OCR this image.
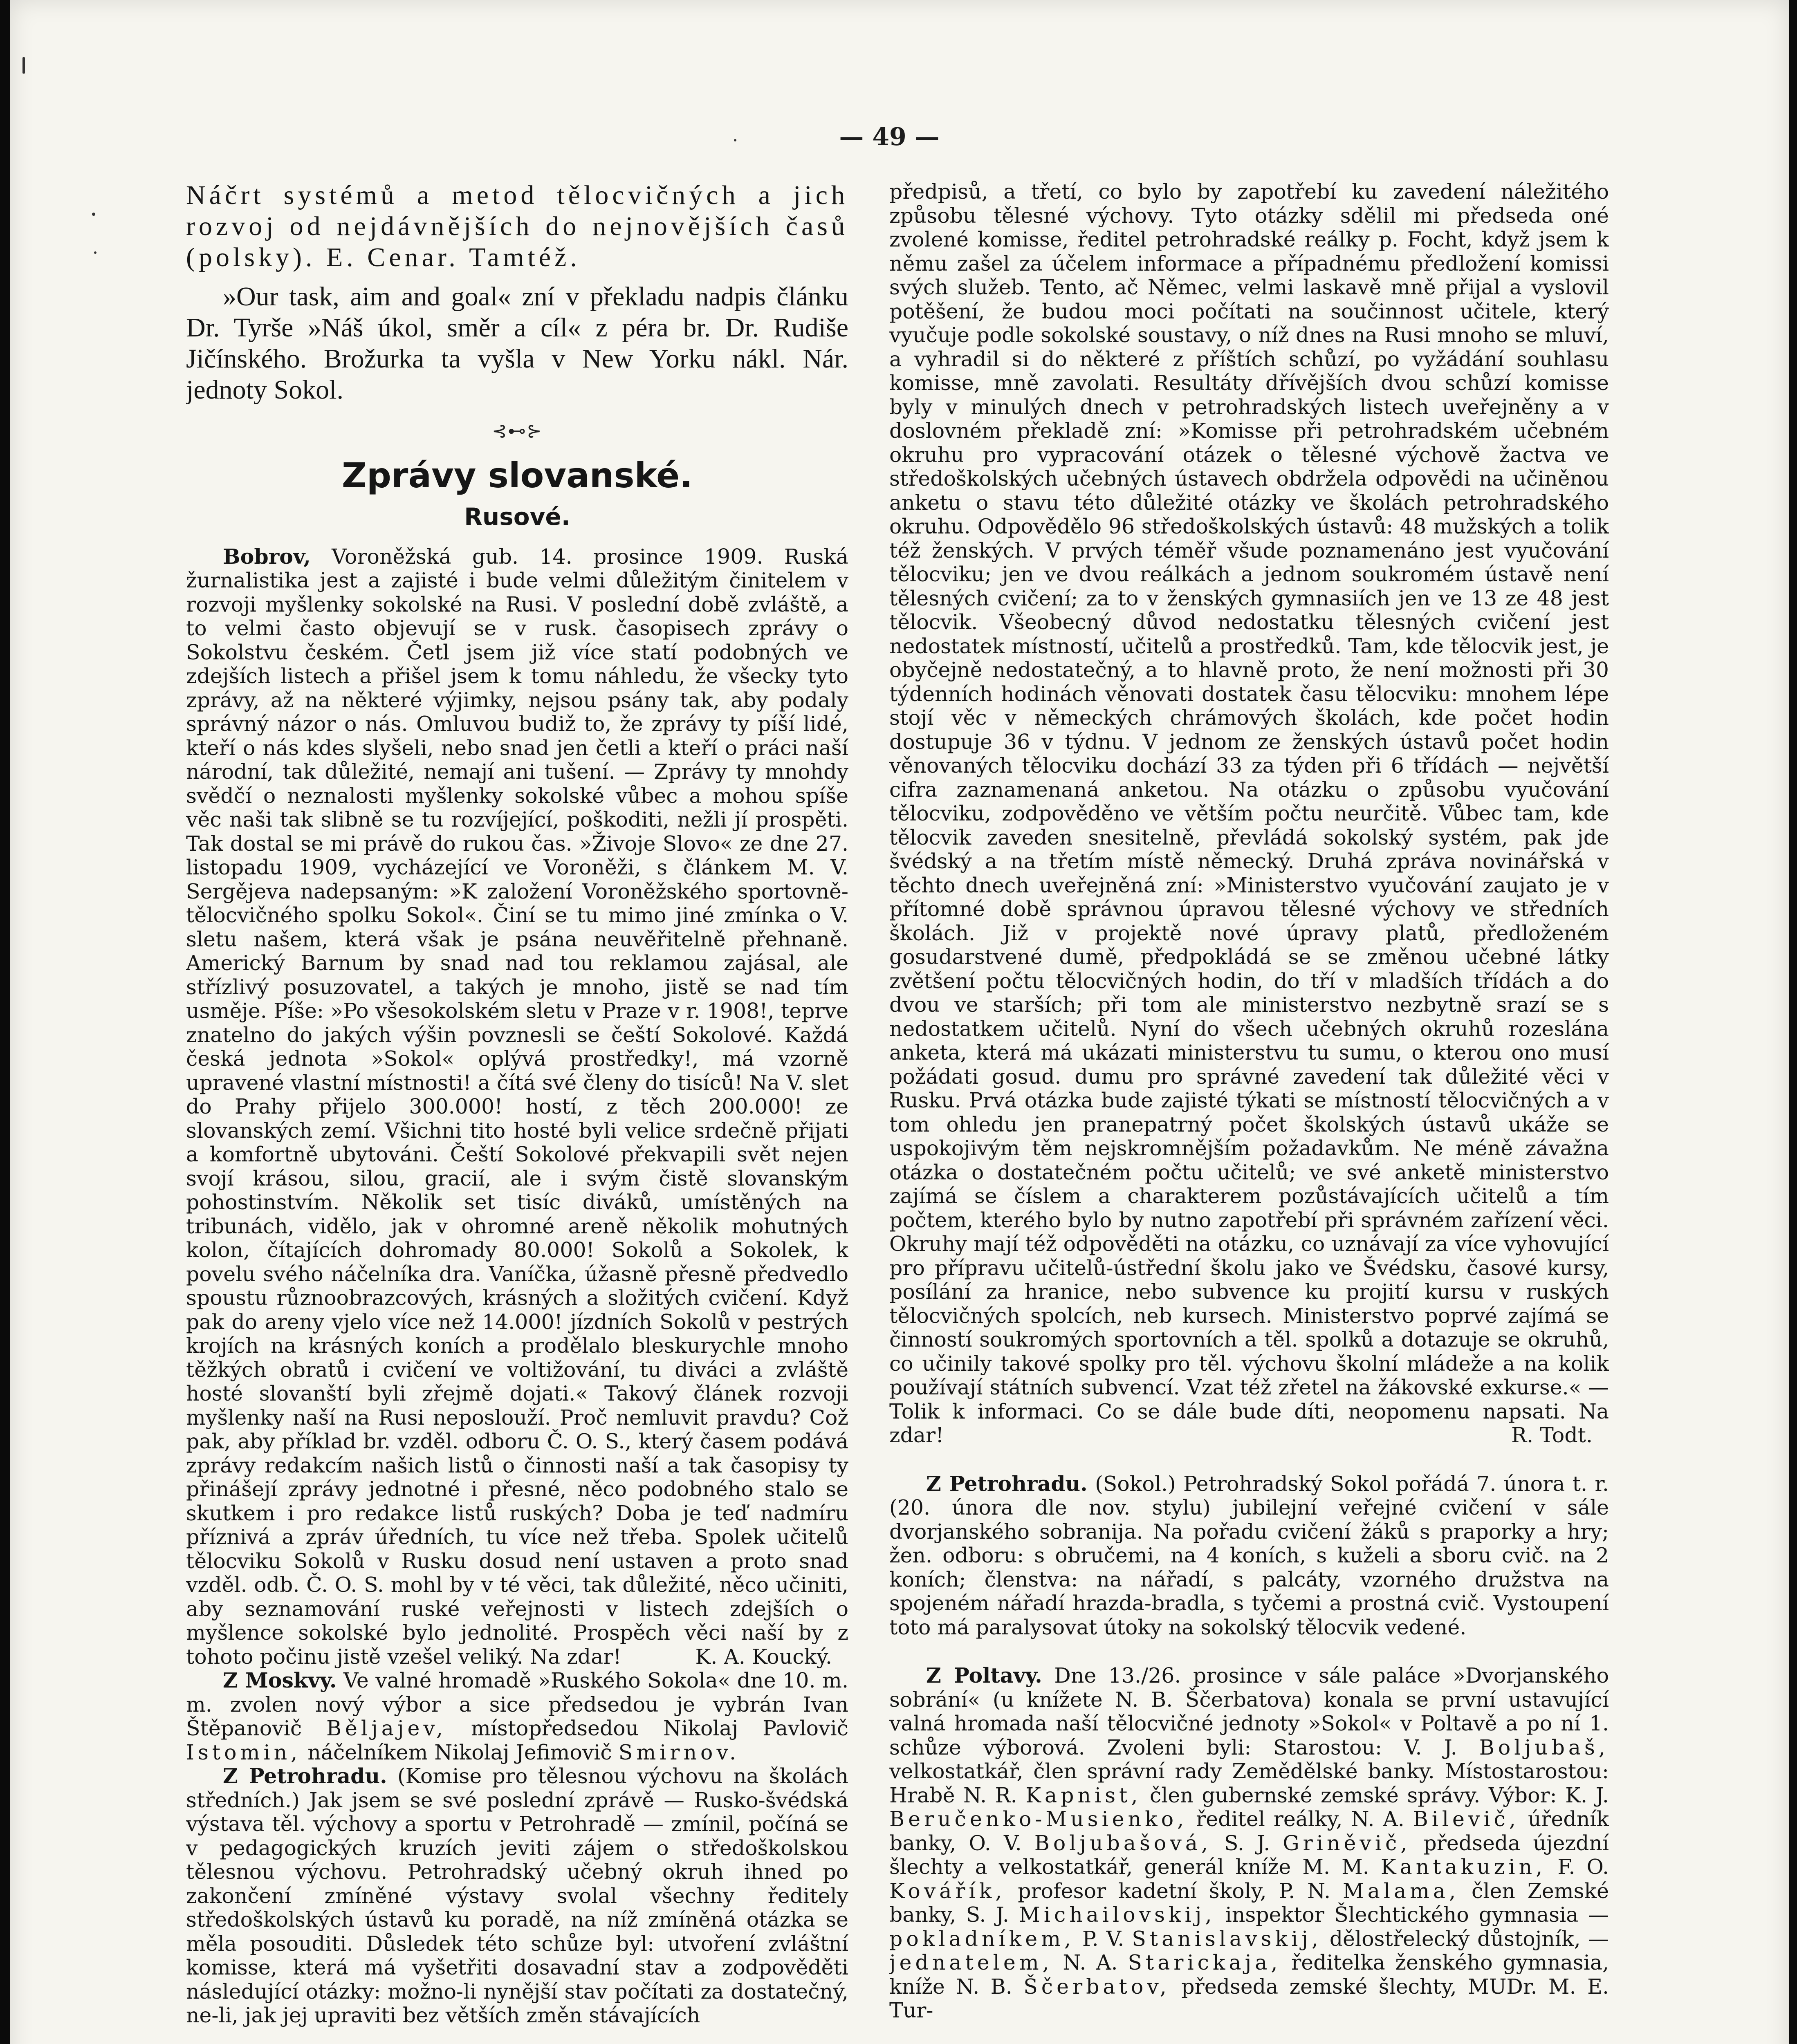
— 49 —

Náčrt systémů a metod tělocvičných a jich rozvoj od nejdávnějších do nejnovějších časů (polsky). E. Cenar. Tamtéž.

»Our task, aim and goal« zní v překladu nadpis článku Dr. Tyrše »Náš úkol, směr a cíl« z péra br. Dr. Rudiše Jičínského. Brožurka ta vyšla v New Yorku nákl. Nár. jednoty Sokol.

⊰⊷⊱
Zprávy slovanské.
Rusové.

Bobrov, Voroněžská gub. 14. prosince 1909. Ruská žurnalistika jest a zajisté i bude velmi důležitým činitelem v rozvoji myšlenky sokolské na Rusi. V poslední době zvláště, a to velmi často objevují se v rusk. časopisech zprávy o Sokolstvu českém. Četl jsem již více statí podobných ve zdejších listech a přišel jsem k tomu náhledu, že všecky tyto zprávy, až na některé výjimky, nejsou psány tak, aby podaly správný názor o nás. Omluvou budiž to, že zprávy ty píší lidé, kteří o nás kdes slyšeli, nebo snad jen četli a kteří o práci naší národní, tak důležité, nemají ani tušení. — Zprávy ty mnohdy svědčí o neznalosti myšlenky sokolské vůbec a mohou spíše věc naši tak slibně se tu rozvíjející, poškoditi, nežli jí prospěti. Tak dostal se mi právě do rukou čas. »Živoje Slovo« ze dne 27. listopadu 1909, vycházející ve Voroněži, s článkem M. V. Sergějeva nadepsaným: »K založení Voroněžského sportovně-tělocvičného spolku Sokol«. Činí se tu mimo jiné zmínka o V. sletu našem, která však je psána neuvěřitelně přehnaně. Americký Barnum by snad nad tou reklamou zajásal, ale střízlivý posuzovatel, a takých je mnoho, jistě se nad tím usměje. Píše: »Po všesokolském sletu v Praze v r. 1908!, teprve znatelno do jakých výšin povznesli se čeští Sokolové. Každá česká jednota »Sokol« oplývá prostředky!, má vzorně upravené vlastní místnosti! a čítá své členy do tisíců! Na V. slet do Prahy přijelo 300.000! hostí, z těch 200.000! ze slovanských zemí. Všichni tito hosté byli velice srdečně přijati a komfortně ubytováni. Čeští Sokolové překvapili svět nejen svojí krásou, silou, gracií, ale i svým čistě slovanským pohostinstvím. Několik set tisíc diváků, umístěných na tribunách, vidělo, jak v ohromné areně několik mohutných kolon, čítajících dohromady 80.000! Sokolů a Sokolek, k povelu svého náčelníka dra. Vaníčka, úžasně přesně předvedlo spoustu různoobrazcových, krásných a složitých cvičení. Když pak do areny vjelo více než 14.000! jízdních Sokolů v pestrých krojích na krásných koních a prodělalo bleskurychle mnoho těžkých obratů i cvičení ve voltižování, tu diváci a zvláště hosté slovanští byli zřejmě dojati.« Takový článek rozvoji myšlenky naší na Rusi neposlouží. Proč nemluvit pravdu? Což pak, aby příklad br. vzděl. odboru Č. O. S., který časem podává zprávy redakcím našich listů o činnosti naší a tak časopisy ty přinášejí zprávy jednotné i přesné, něco podobného stalo se skutkem i pro redakce listů ruských? Doba je teď nadmíru příznivá a zpráv úředních, tu více než třeba. Spolek učitelů tělocviku Sokolů v Rusku dosud není ustaven a proto snad vzděl. odb. Č. O. S. mohl by v té věci, tak důležité, něco učiniti, aby seznamování ruské veřejnosti v listech zdejších o myšlence sokolské bylo jednolité. Prospěch věci naší by z tohoto počinu jistě vzešel veliký. Na zdar!	K. A. Koucký.

Z Moskvy. Ve valné hromadě »Ruského Sokola« dne 10. m. m. zvolen nový výbor a sice předsedou je vybrán Ivan Štěpanovič Běljajev, místopředsedou Nikolaj Pavlovič Istomin, náčelníkem Nikolaj Jefimovič Smirnov.

Z Petrohradu. (Komise pro tělesnou výchovu na školách středních.) Jak jsem se své poslední zprávě — Rusko-švédská výstava těl. výchovy a sportu v Petrohradě — zmínil, počíná se v pedagogických kruzích jeviti zájem o středoškolskou tělesnou výchovu. Petrohradský učebný okruh ihned po zakončení zmíněné výstavy svolal všechny ředitely středoškolských ústavů ku poradě, na níž zmíněná otázka se měla posouditi. Důsledek této schůze byl: utvoření zvláštní komisse, která má vyšetřiti dosavadní stav a zodpověděti následující otázky: možno-li nynější stav počítati za dostatečný, ne-li, jak jej upraviti bez větších změn stávajících

předpisů, a třetí, co bylo by zapotřebí ku zavedení náležitého způsobu tělesné výchovy. Tyto otázky sdělil mi předseda oné zvolené komisse, ředitel petrohradské reálky p. Focht, když jsem k němu zašel za účelem informace a případnému předložení komissi svých služeb. Tento, ač Němec, velmi laskavě mně přijal a vyslovil potěšení, že budou moci počítati na součinnost učitele, který vyučuje podle sokolské soustavy, o níž dnes na Rusi mnoho se mluví, a vyhradil si do některé z příštích schůzí, po vyžádání souhlasu komisse, mně zavolati. Resultáty dřívějších dvou schůzí komisse byly v minulých dnech v petrohradských listech uveřejněny a v doslovném překladě zní: »Komisse při petrohradském učebném okruhu pro vypracování otázek o tělesné výchově žactva ve středoškolských učebných ústavech obdržela odpovědi na učiněnou anketu o stavu této důležité otázky ve školách petrohradského okruhu. Odpovědělo 96 středoškolských ústavů: 48 mužských a tolik též ženských. V prvých téměř všude poznamenáno jest vyučování tělocviku; jen ve dvou reálkách a jednom soukromém ústavě není tělesných cvičení; za to v ženských gymnasiích jen ve 13 ze 48 jest tělocvik. Všeobecný důvod nedostatku tělesných cvičení jest nedostatek místností, učitelů a prostředků. Tam, kde tělocvik jest, je obyčejně nedostatečný, a to hlavně proto, že není možnosti při 30 týdenních hodinách věnovati dostatek času tělocviku: mnohem lépe stojí věc v německých chrámových školách, kde počet hodin dostupuje 36 v týdnu. V jednom ze ženských ústavů počet hodin věnovaných tělocviku dochází 33 za týden při 6 třídách — největší cifra zaznamenaná anketou. Na otázku o způsobu vyučování tělocviku, zodpověděno ve větším počtu neurčitě. Vůbec tam, kde tělocvik zaveden snesitelně, převládá sokolský systém, pak jde švédský a na třetím místě německý. Druhá zpráva novinářská v těchto dnech uveřejněná zní: »Ministerstvo vyučování zaujato je v přítomné době správnou úpravou tělesné výchovy ve středních školách. Již v projektě nové úpravy platů, předloženém gosudarstvené dumě, předpokládá se se změnou učebné látky zvětšení počtu tělocvičných hodin, do tří v mladších třídách a do dvou ve starších; při tom ale ministerstvo nezbytně srazí se s nedostatkem učitelů. Nyní do všech učebných okruhů rozeslána anketa, která má ukázati ministerstvu tu sumu, o kterou ono musí požádati gosud. dumu pro správné zavedení tak důležité věci v Rusku. Prvá otázka bude zajisté týkati se místností tělocvičných a v tom ohledu jen pranepatrný počet školských ústavů ukáže se uspokojivým těm nejskromnějším požadavkům. Ne méně závažna otázka o dostatečném počtu učitelů; ve své anketě ministerstvo zajímá se číslem a charakterem pozůstávajících učitelů a tím počtem, kterého bylo by nutno zapotřebí při správném zařízení věci. Okruhy mají též odpověděti na otázku, co uznávají za více vyhovující pro přípravu učitelů-ústřední školu jako ve Švédsku, časové kursy, posílání za hranice, nebo subvence ku projití kursu v ruských tělocvičných spolcích, neb kursech. Ministerstvo poprvé zajímá se činností soukromých sportovních a těl. spolků a dotazuje se okruhů, co učinily takové spolky pro těl. výchovu školní mládeže a na kolik používají státních subvencí. Vzat též zřetel na žákovské exkurse.« — Tolik k informaci. Co se dále bude díti, neopomenu napsati. Na zdar!	R. Todt.

Z Petrohradu. (Sokol.) Petrohradský Sokol pořádá 7. února t. r. (20. února dle nov. stylu) jubilejní veřejné cvičení v sále dvorjanského sobranija. Na pořadu cvičení žáků s praporky a hry; žen. odboru: s obručemi, na 4 koních, s kuželi a sboru cvič. na 2 koních; členstva: na nářadí, s palcáty, vzorného družstva na spojeném nářadí hrazda-bradla, s tyčemi a prostná cvič. Vystoupení toto má paralysovat útoky na sokolský tělocvik vedené.

Z Poltavy. Dne 13./26. prosince v sále paláce »Dvorjanského sobrání« (u knížete N. B. Ščerbatova) konala se první ustavující valná hromada naší tělocvičné jednoty »Sokol« v Poltavě a po ní 1. schůze výborová. Zvoleni byli: Starostou: V. J. Boljubaš, velkostatkář, člen správní rady Zemědělské banky. Místostarostou: Hrabě N. R. Kapnist, člen gubernské zemské správy. Výbor: K. J. Beručenko-Musienko, ředitel reálky, N. A. Bilevič, úředník banky, O. V. Boljubašová, S. J. Griněvič, předseda újezdní šlechty a velkostatkář, generál kníže M. M. Kantakuzin, F. O. Kovářík, profesor kadetní školy, P. N. Malama, člen Zemské banky, S. J. Michailovskij, inspektor Šlechtického gymnasia — pokladníkem, P. V. Stanislavskij, dělostřelecký důstojník, — jednatelem, N. A. Starickaja, ředitelka ženského gymnasia, kníže N. B. Ščerbatov, předseda zemské šlechty, MUDr. M. E. Tur-
